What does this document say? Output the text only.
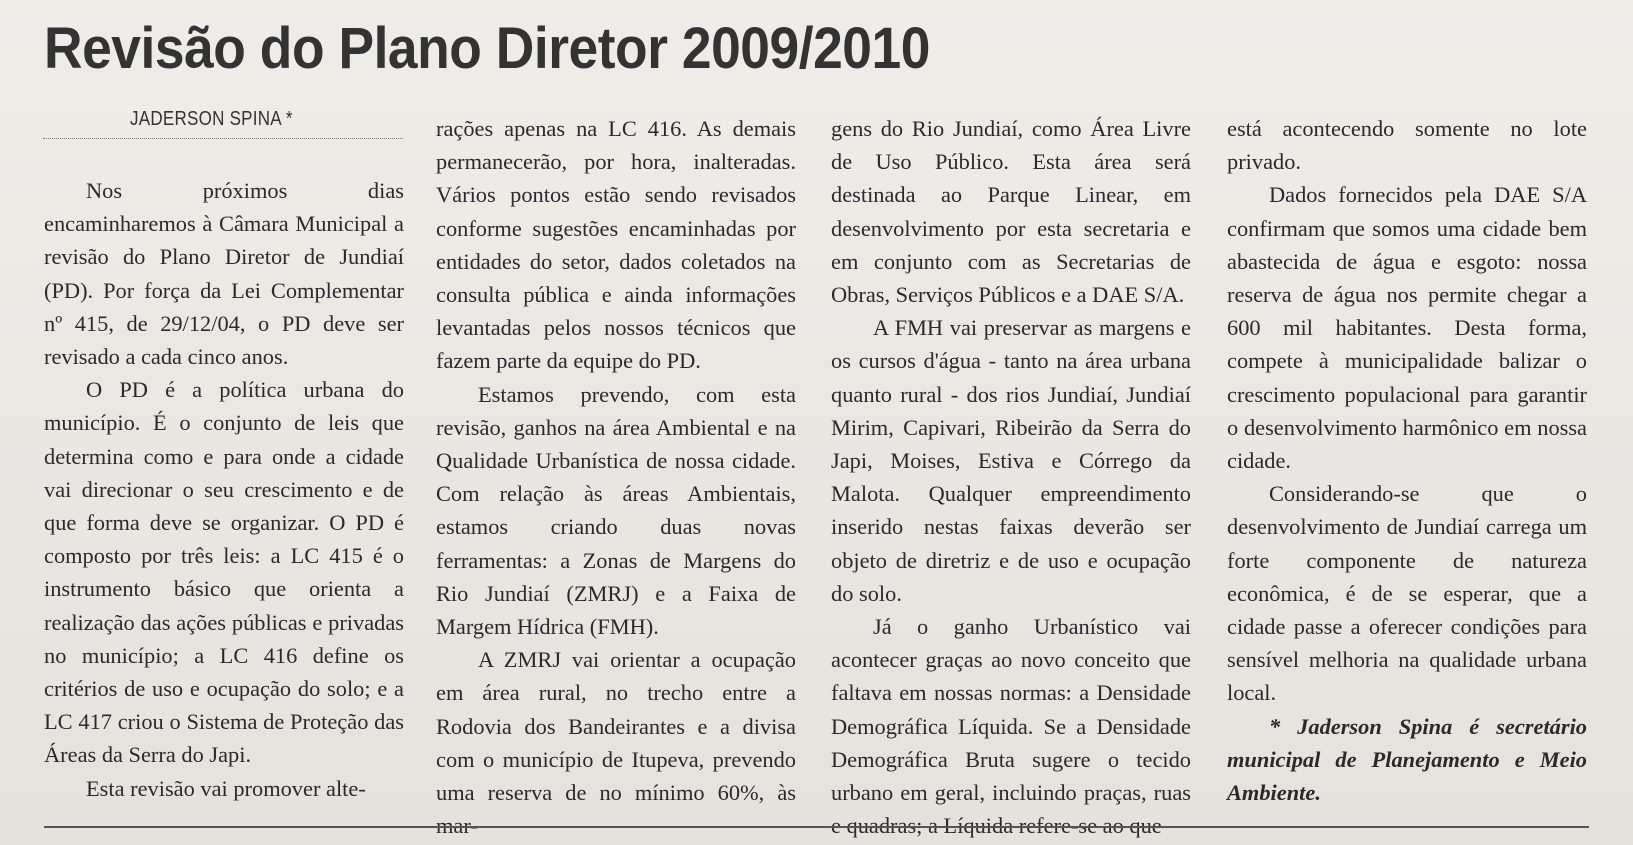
Revisão do Plano Diretor 2009/2010
JADERSON SPINA *

Nos próximos dias encaminharemos à Câmara Municipal a revisão do Plano Diretor de Jundiaí (PD). Por força da Lei Complementar nº 415, de 29/12/04, o PD deve ser revisado a cada cinco anos.

O PD é a política urbana do município. É o conjunto de leis que determina como e para onde a cidade vai direcionar o seu crescimento e de que forma deve se organizar. O PD é composto por três leis: a LC 415 é o instrumento básico que orienta a realização das ações públicas e privadas no município; a LC 416 define os critérios de uso e ocupação do solo; e a LC 417 criou o Sistema de Proteção das Áreas da Serra do Japi.

Esta revisão vai promover alte-

rações apenas na LC 416. As demais permanecerão, por hora, inalteradas. Vários pontos estão sendo revisados conforme sugestões encaminhadas por entidades do setor, dados coletados na consulta pública e ainda informações levantadas pelos nossos técnicos que fazem parte da equipe do PD.

Estamos prevendo, com esta revisão, ganhos na área Ambiental e na Qualidade Urbanística de nossa cidade. Com relação às áreas Ambientais, estamos criando duas novas ferramentas: a Zonas de Margens do Rio Jundiaí (ZMRJ) e a Faixa de Margem Hídrica (FMH).

A ZMRJ vai orientar a ocupação em área rural, no trecho entre a Rodovia dos Bandeirantes e a divisa com o município de Itupeva, prevendo uma reserva de no mínimo 60%, às mar-

gens do Rio Jundiaí, como Área Livre de Uso Público. Esta área será destinada ao Parque Linear, em desenvolvimento por esta secretaria e em conjunto com as Secretarias de Obras, Serviços Públicos e a DAE S/A.

A FMH vai preservar as margens e os cursos d'água - tanto na área urbana quanto rural - dos rios Jundiaí, Jundiaí Mirim, Capivari, Ribeirão da Serra do Japi, Moises, Estiva e Córrego da Malota. Qualquer empreendimento inserido nestas faixas deverão ser objeto de diretriz e de uso e ocupação do solo.

Já o ganho Urbanístico vai acontecer graças ao novo conceito que faltava em nossas normas: a Densidade Demográfica Líquida. Se a Densidade Demográfica Bruta sugere o tecido urbano em geral, incluindo praças, ruas e quadras; a Líquida refere-se ao que

está acontecendo somente no lote privado.

Dados fornecidos pela DAE S/A confirmam que somos uma cidade bem abastecida de água e esgoto: nossa reserva de água nos permite chegar a 600 mil habitantes. Desta forma, compete à municipalidade balizar o crescimento populacional para garantir o desenvolvimento harmônico em nossa cidade.

Considerando-se que o desenvolvimento de Jundiaí carrega um forte componente de natureza econômica, é de se esperar, que a cidade passe a oferecer condições para sensível melhoria na qualidade urbana local.

* Jaderson Spina é secretário municipal de Planejamento e Meio Ambiente.
